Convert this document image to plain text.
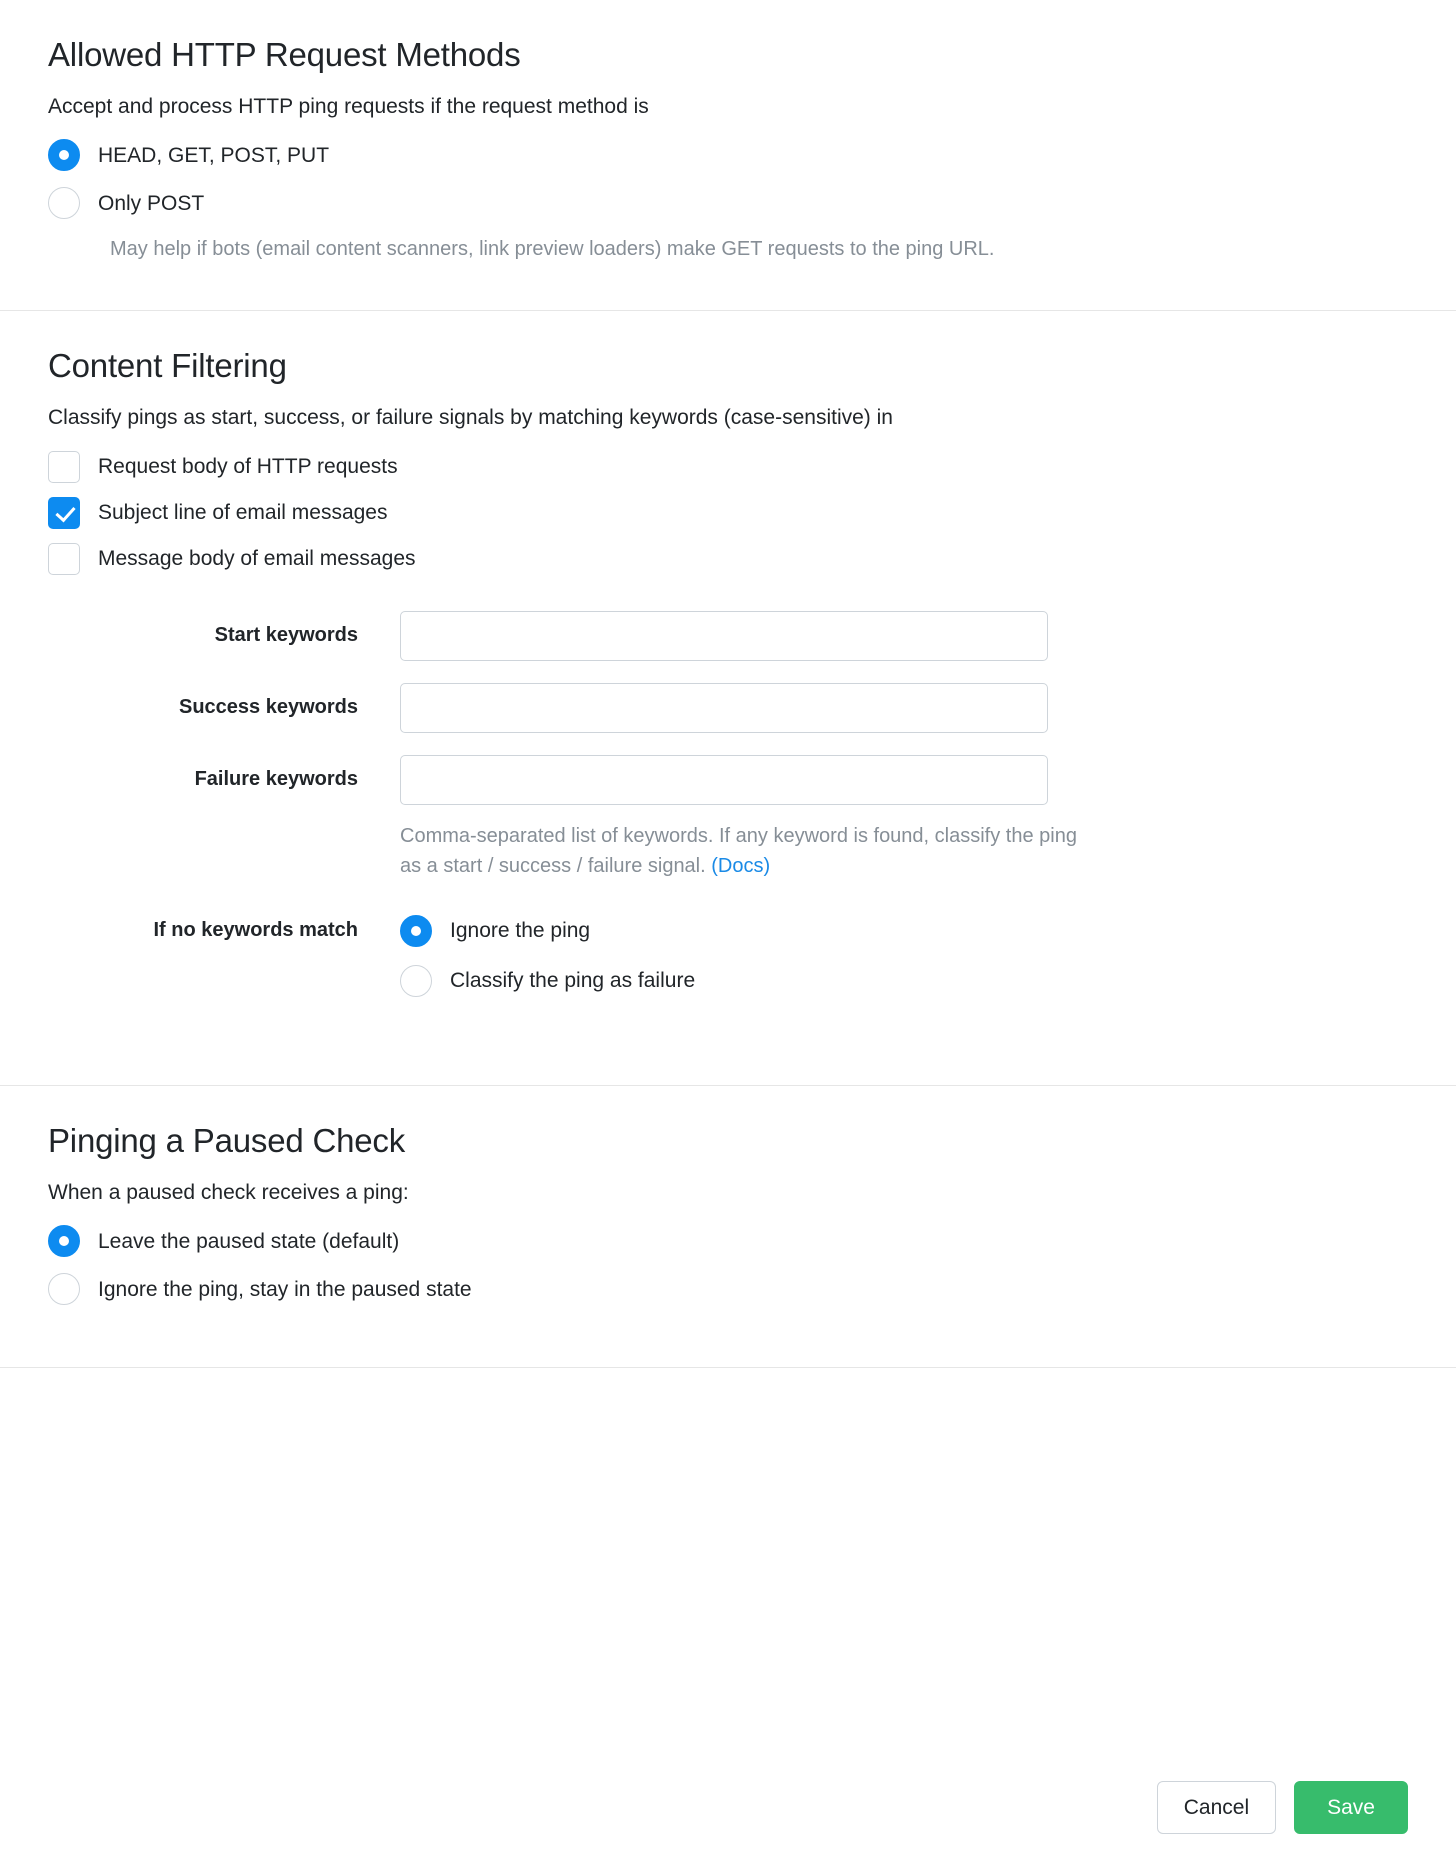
Allowed HTTP Request Methods

Accept and process HTTP ping requests if the request method is

HEAD, GET, POST, PUT
Only POST

May help if bots (email content scanners, link preview loaders) make GET requests to the ping URL.

Content Filtering

Classify pings as start, success, or failure signals by matching keywords (case-sensitive) in

Request body of HTTP requests
Subject line of email messages
Message body of email messages
Start keywords
Success keywords
Failure keywords
Comma-separated list of keywords. If any keyword is found, classify the ping as a start / success / failure signal. (Docs)
If no keywords match	Ignore the ping
Classify the ping as failure
Pinging a Paused Check

When a paused check receives a ping:

Leave the paused state (default)
Ignore the ping, stay in the paused state
Cancel	Save
